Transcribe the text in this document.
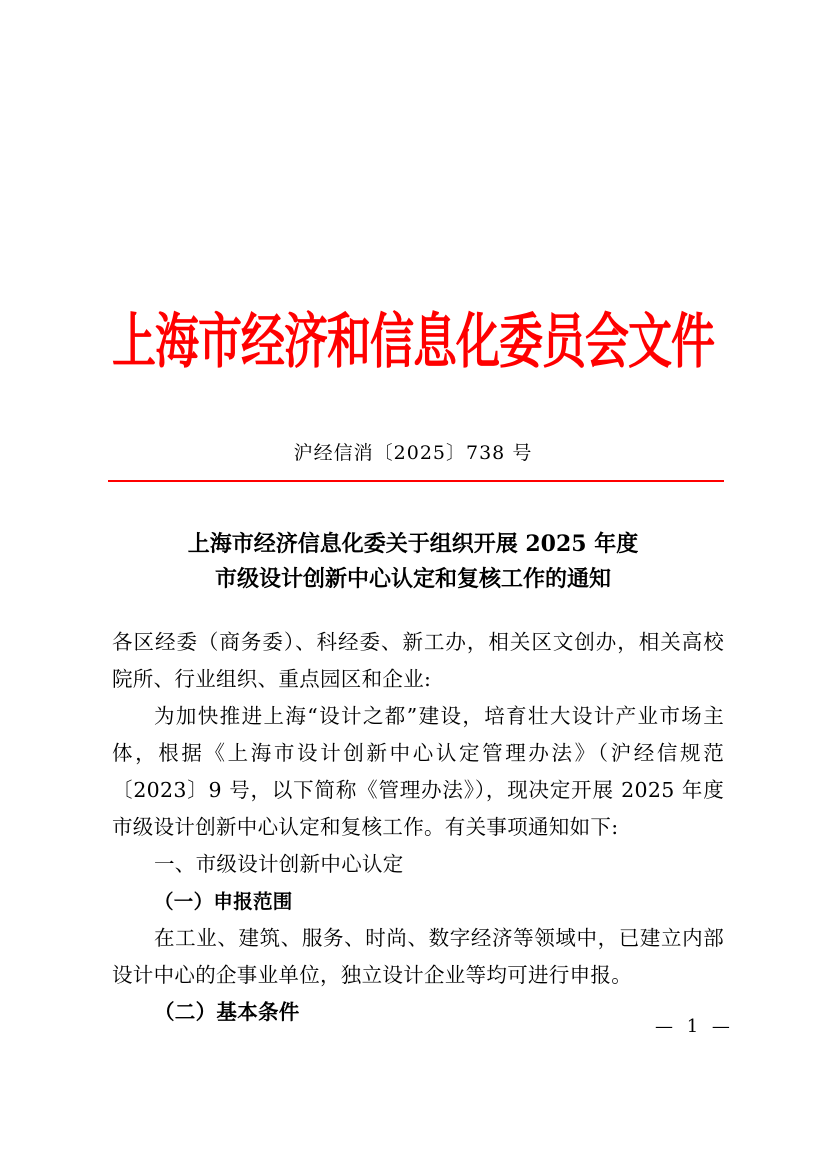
上海市经济和信息化委员会文件
沪经信消〔2025〕738 号
上海市经济信息化委关于组织开展 2025 年度
市级设计创新中心认定和复核工作的通知

各区经委（商务委）、科经委、新工办，相关区文创办，相关高校院所、行业组织、重点园区和企业:

为加快推进上海“设计之都”建设，培育壮大设计产业市场主体，根据《上海市设计创新中心认定管理办法》（沪经信规范〔2023〕9 号，以下简称《管理办法》），现决定开展 2025 年度市级设计创新中心认定和复核工作。有关事项通知如下:

一、市级设计创新中心认定

（一）申报范围

在工业、建筑、服务、时尚、数字经济等领域中，已建立内部设计中心的企事业单位，独立设计企业等均可进行申报。

（二）基本条件

— 1 —
